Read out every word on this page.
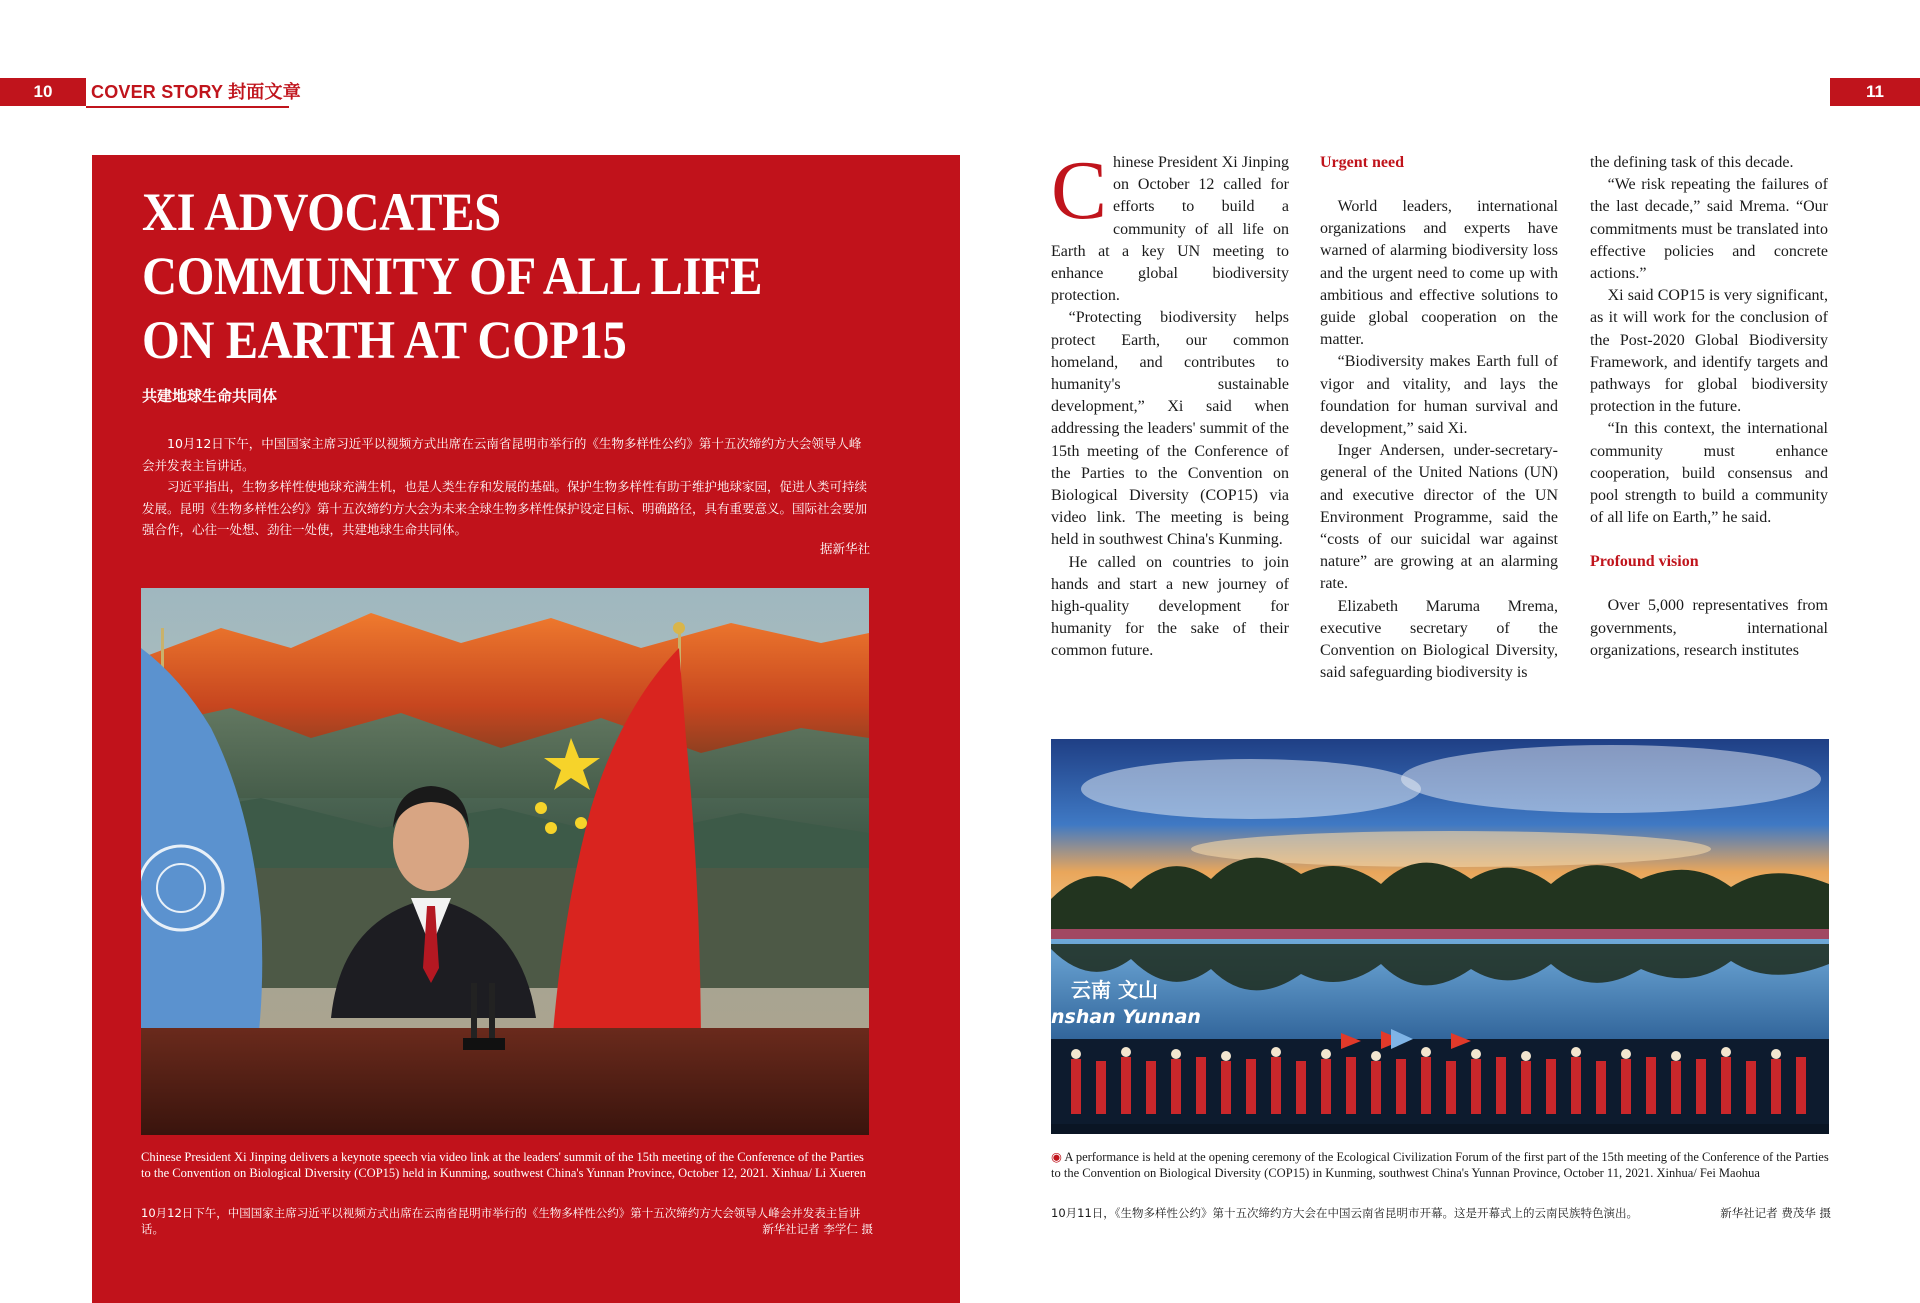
10	COVER STORY 封面文章	11
XI ADVOCATES
COMMUNITY OF ALL LIFE
ON EARTH AT COP15
共建地球生命共同体

10月12日下午，中国国家主席习近平以视频方式出席在云南省昆明市举行的《生物多样性公约》第十五次缔约方大会领导人峰会并发表主旨讲话。

习近平指出，生物多样性使地球充满生机，也是人类生存和发展的基础。保护生物多样性有助于维护地球家园，促进人类可持续发展。昆明《生物多样性公约》第十五次缔约方大会为未来全球生物多样性保护设定目标、明确路径，具有重要意义。国际社会要加强合作，心往一处想、劲往一处使，共建地球生命共同体。

据新华社
Chinese President Xi Jinping delivers a keynote speech via video link at the leaders' summit of the 15th meeting of the Conference of the Parties to the Convention on Biological Diversity (COP15) held in Kunming, southwest China's Yunnan Province, October 12, 2021. Xinhua/ Li Xueren
10月12日下午，中国国家主席习近平以视频方式出席在云南省昆明市举行的《生物多样性公约》第十五次缔约方大会领导人峰会并发表主旨讲话。	新华社记者 李学仁 摄

Chinese President Xi Jinping on October 12 called for efforts to build a community of all life on Earth at a key UN meeting to enhance global biodiversity protection.

“Protecting biodiversity helps protect Earth, our common homeland, and contributes to humanity's sustainable development,” Xi said when addressing the leaders' summit of the 15th meeting of the Conference of the Parties to the Convention on Biological Diversity (COP15) via video link. The meeting is being held in southwest China's Kunming.

He called on countries to join hands and start a new journey of high-quality development for humanity for the sake of their common future.

Urgent need

World leaders, international organizations and experts have warned of alarming biodiversity loss and the urgent need to come up with ambitious and effective solutions to guide global cooperation on the matter.

“Biodiversity makes Earth full of vigor and vitality, and lays the foundation for human survival and development,” said Xi.

Inger Andersen, under-secretary-general of the United Nations (UN) and executive director of the UN Environment Programme, said the “costs of our suicidal war against nature” are growing at an alarming rate.

Elizabeth Maruma Mrema, executive secretary of the Convention on Biological Diversity, said safeguarding biodiversity is

the defining task of this decade.

“We risk repeating the failures of the last decade,” said Mrema. “Our commitments must be translated into effective policies and concrete actions.”

Xi said COP15 is very significant, as it will work for the conclusion of the Post-2020 Global Biodiversity Framework, and identify targets and pathways for global biodiversity protection in the future.

“In this context, the international community must enhance cooperation, build consensus and pool strength to build a community of all life on Earth,” he said.

Profound vision

Over 5,000 representatives from governments, international organizations, research institutes

云南 文山
nshan Yunnan
◉ A performance is held at the opening ceremony of the Ecological Civilization Forum of the first part of the 15th meeting of the Conference of the Parties to the Convention on Biological Diversity (COP15) in Kunming, southwest China's Yunnan Province, October 11, 2021. Xinhua/ Fei Maohua
10月11日，《生物多样性公约》第十五次缔约方大会在中国云南省昆明市开幕。这是开幕式上的云南民族特色演出。	新华社记者 费茂华 摄
